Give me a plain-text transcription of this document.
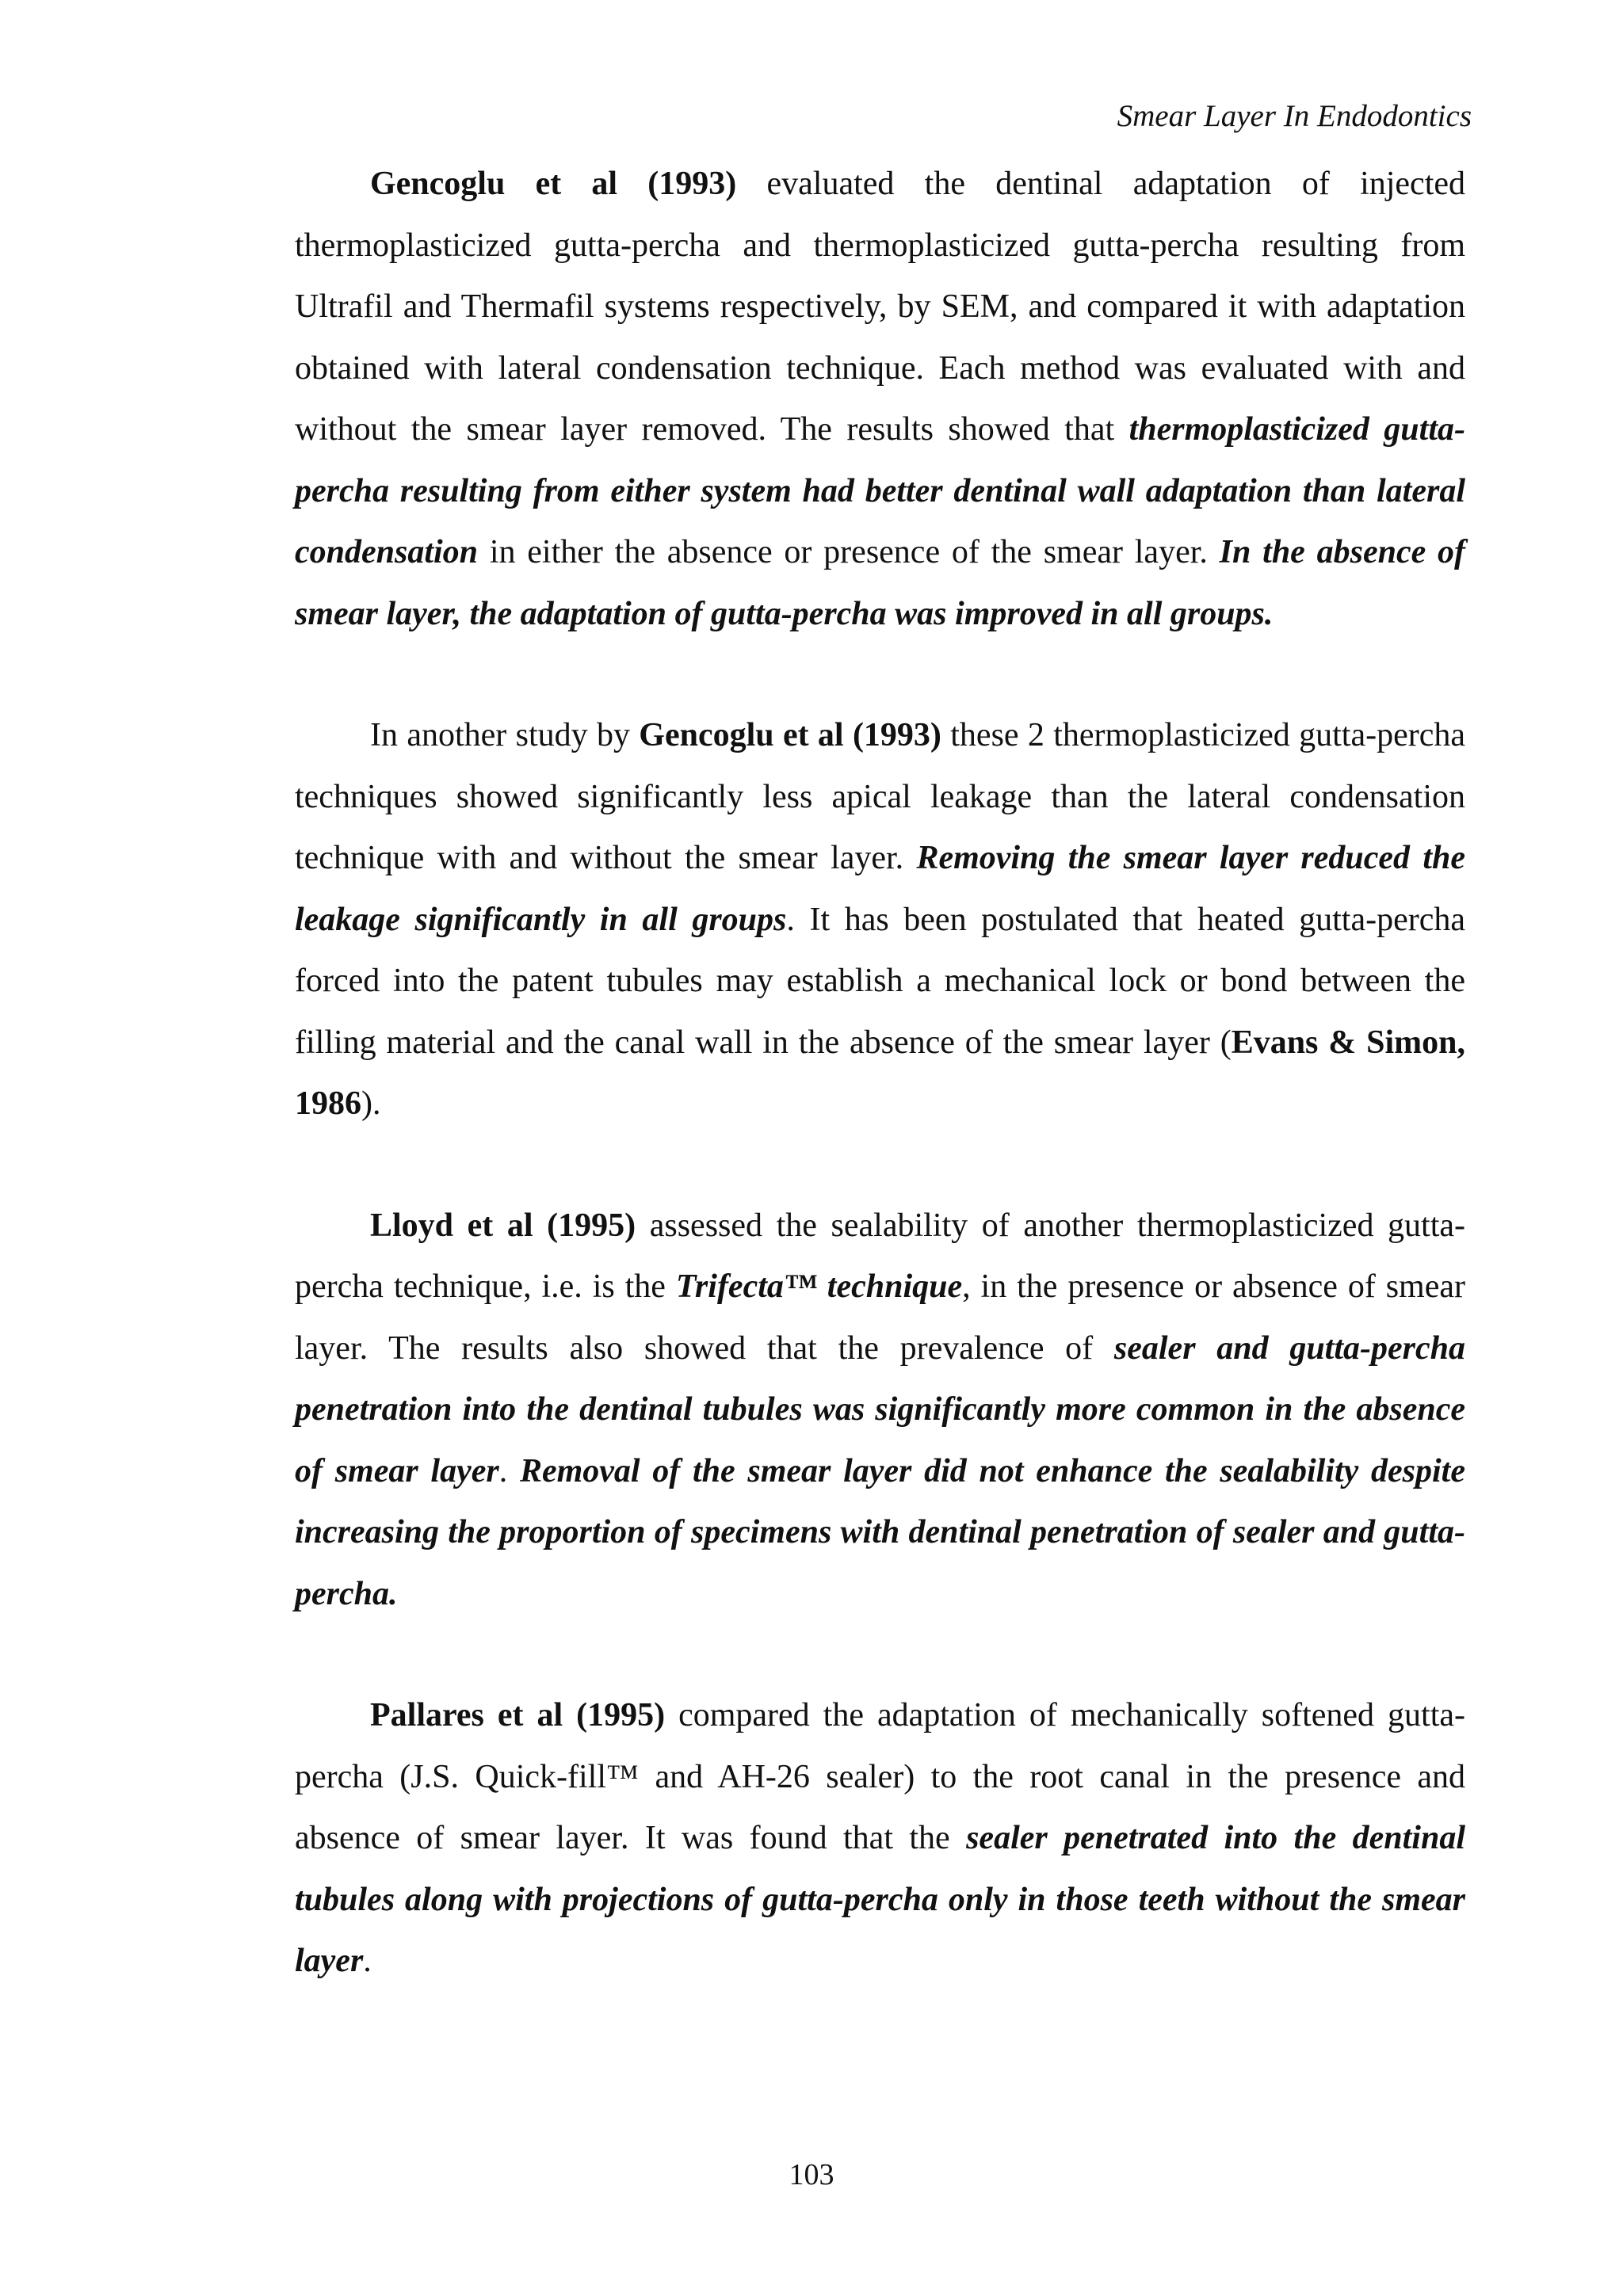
Smear Layer In Endodontics

Gencoglu et al (1993) evaluated the dentinal adaptation of injected thermoplasticized gutta-percha and thermoplasticized gutta-percha resulting from Ultrafil and Thermafil systems respectively, by SEM, and compared it with adaptation obtained with lateral condensation technique. Each method was evaluated with and without the smear layer removed. The results showed that thermoplasticized gutta-percha resulting from either system had better dentinal wall adaptation than lateral condensation in either the absence or presence of the smear layer. In the absence of smear layer, the adaptation of gutta-percha was improved in all groups.

In another study by Gencoglu et al (1993) these 2 thermoplasticized gutta-percha techniques showed significantly less apical leakage than the lateral condensation technique with and without the smear layer. Removing the smear layer reduced the leakage significantly in all groups. It has been postulated that heated gutta-percha forced into the patent tubules may establish a mechanical lock or bond between the filling material and the canal wall in the absence of the smear layer (Evans & Simon, 1986).

Lloyd et al (1995) assessed the sealability of another thermoplasticized gutta-percha technique, i.e. is the Trifecta™ technique, in the presence or absence of smear layer. The results also showed that the prevalence of sealer and gutta-percha penetration into the dentinal tubules was significantly more common in the absence of smear layer. Removal of the smear layer did not enhance the sealability despite increasing the proportion of specimens with dentinal penetration of sealer and gutta-percha.

Pallares et al (1995) compared the adaptation of mechanically softened gutta-percha (J.S. Quick-fill™ and AH-26 sealer) to the root canal in the presence and absence of smear layer. It was found that the sealer penetrated into the dentinal tubules along with projections of gutta-percha only in those teeth without the smear layer.

103
